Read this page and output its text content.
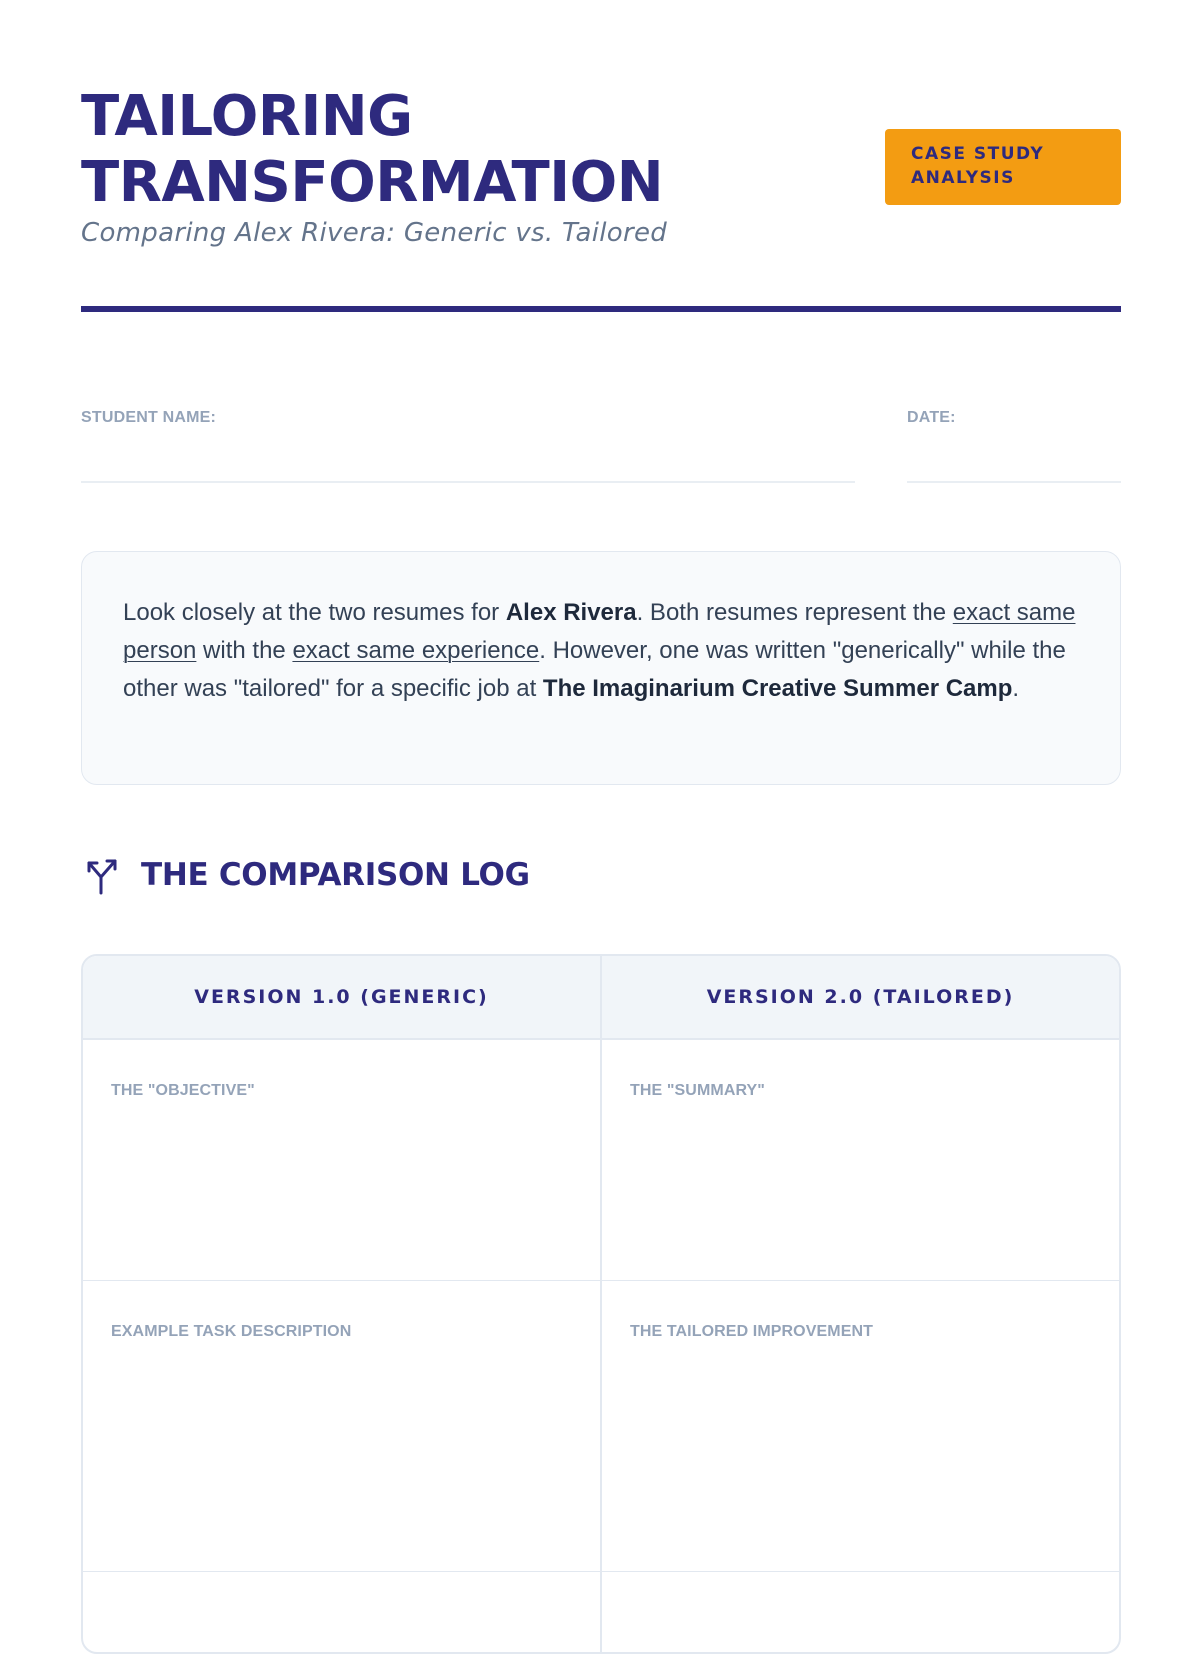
TAILORING
TRANSFORMATION
Comparing Alex Rivera: Generic vs. Tailored
CASE STUDY
ANALYSIS
STUDENT NAME:	DATE:
Look closely at the two resumes for Alex Rivera. Both resumes represent the exact same person with the exact same experience. However, one was written "generically" while the other was "tailored" for a specific job at The Imaginarium Creative Summer Camp.
THE COMPARISON LOG
VERSION 1.0 (GENERIC)	VERSION 2.0 (TAILORED)
THE "OBJECTIVE"	THE "SUMMARY"
EXAMPLE TASK DESCRIPTION	THE TAILORED IMPROVEMENT
